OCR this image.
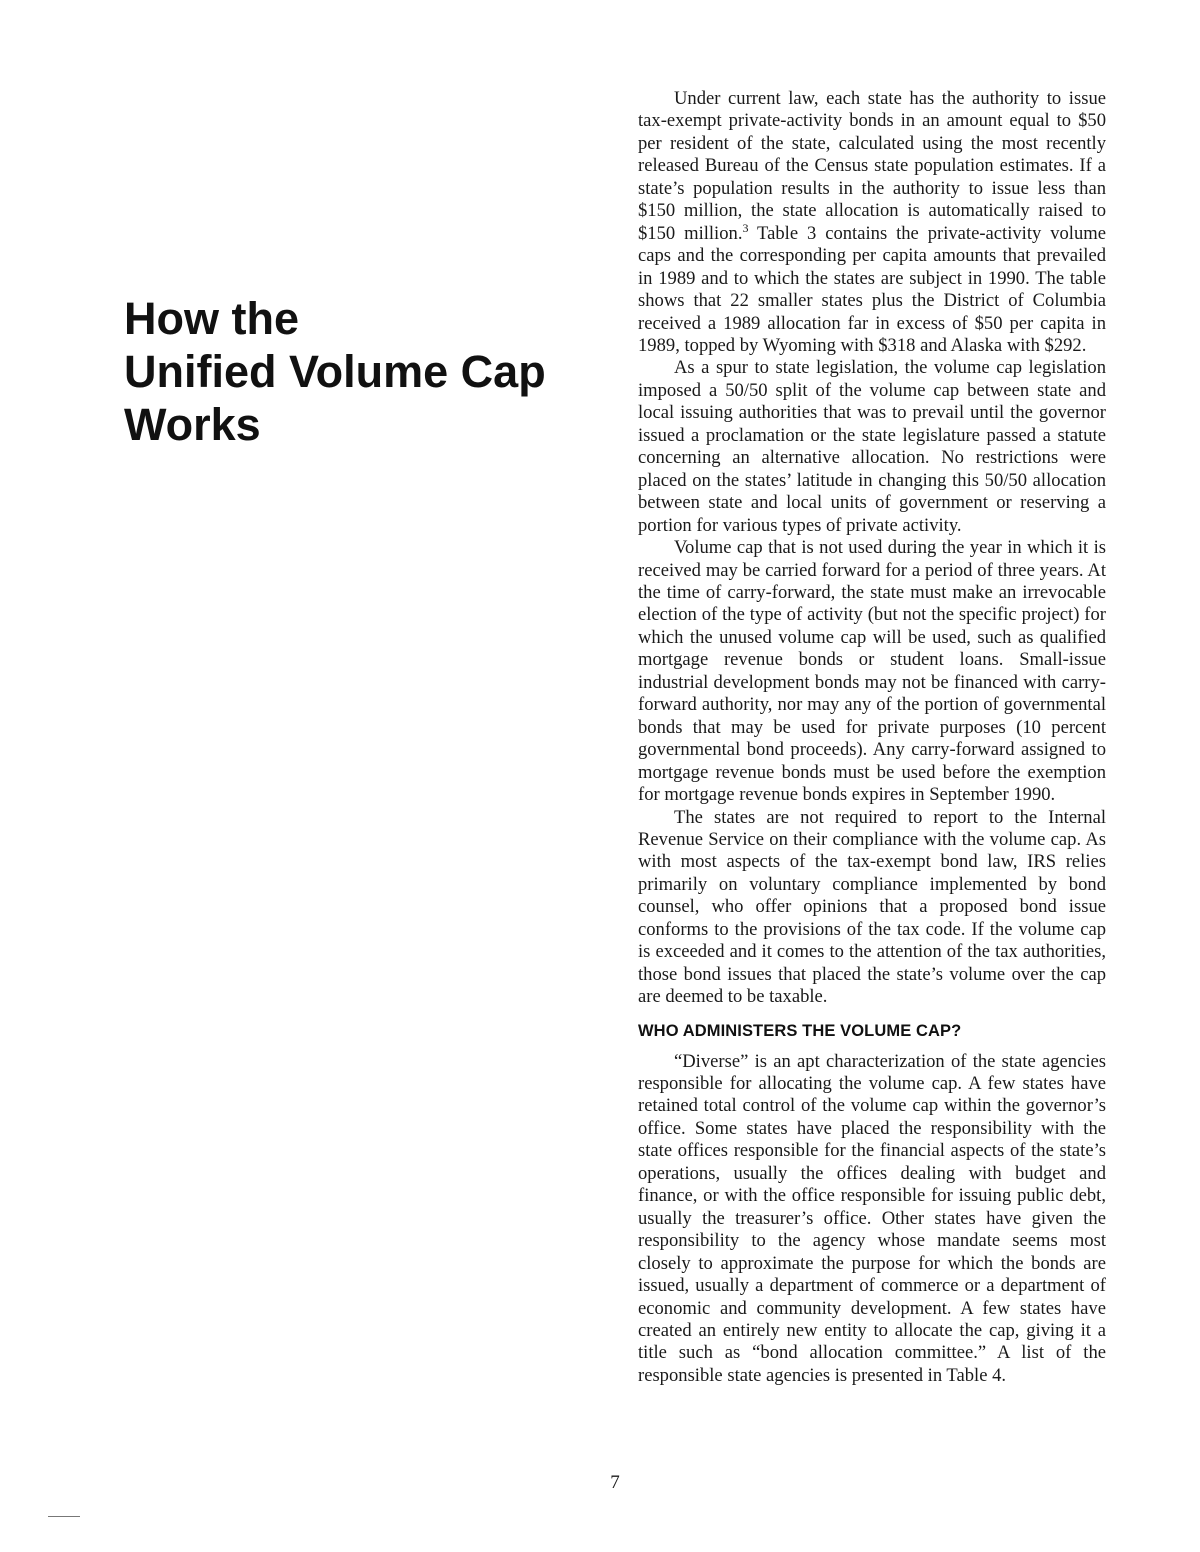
How the
Unified Volume Cap
Works

Under current law, each state has the authority to issue tax-exempt private-activity bonds in an amount equal to $50 per resident of the state, calculated using the most recently released Bureau of the Census state population estimates. If a state’s population results in the authority to issue less than $150 million, the state allocation is automatically raised to $150 million.$^3$ Table 3 contains the private-activity volume caps and the corresponding per capita amounts that prevailed in 1989 and to which the states are subject in 1990. The table shows that 22 smaller states plus the District of Columbia received a 1989 allocation far in excess of $50 per capita in 1989, topped by Wyoming with $318 and Alaska with $292.

As a spur to state legislation, the volume cap legislation imposed a 50/50 split of the volume cap between state and local issuing authorities that was to prevail until the governor issued a proclamation or the state legislature passed a statute concerning an alternative allocation. No restrictions were placed on the states’ latitude in changing this 50/50 allocation between state and local units of government or reserving a portion for various types of private activity.

Volume cap that is not used during the year in which it is received may be carried forward for a period of three years. At the time of carry-forward, the state must make an irrevocable election of the type of activity (but not the specific project) for which the unused volume cap will be used, such as qualified mortgage revenue bonds or student loans. Small-issue industrial development bonds may not be financed with carry-forward authority, nor may any of the portion of governmental bonds that may be used for private purposes (10 percent governmental bond proceeds). Any carry-forward assigned to mortgage revenue bonds must be used before the exemption for mortgage revenue bonds expires in September 1990.

The states are not required to report to the Internal Revenue Service on their compliance with the volume cap. As with most aspects of the tax-exempt bond law, IRS relies primarily on voluntary compliance implemented by bond counsel, who offer opinions that a proposed bond issue conforms to the provisions of the tax code. If the volume cap is exceeded and it comes to the attention of the tax authorities, those bond issues that placed the state’s volume over the cap are deemed to be taxable.

WHO ADMINISTERS THE VOLUME CAP?

“Diverse” is an apt characterization of the state agencies responsible for allocating the volume cap. A few states have retained total control of the volume cap within the governor’s office. Some states have placed the responsibility with the state offices responsible for the financial aspects of the state’s operations, usually the offices dealing with budget and finance, or with the office responsible for issuing public debt, usually the treasurer’s office. Other states have given the responsibility to the agency whose mandate seems most closely to approximate the purpose for which the bonds are issued, usually a department of commerce or a department of economic and community development. A few states have created an entirely new entity to allocate the cap, giving it a title such as “bond allocation committee.” A list of the responsible state agencies is presented in Table 4.

7
